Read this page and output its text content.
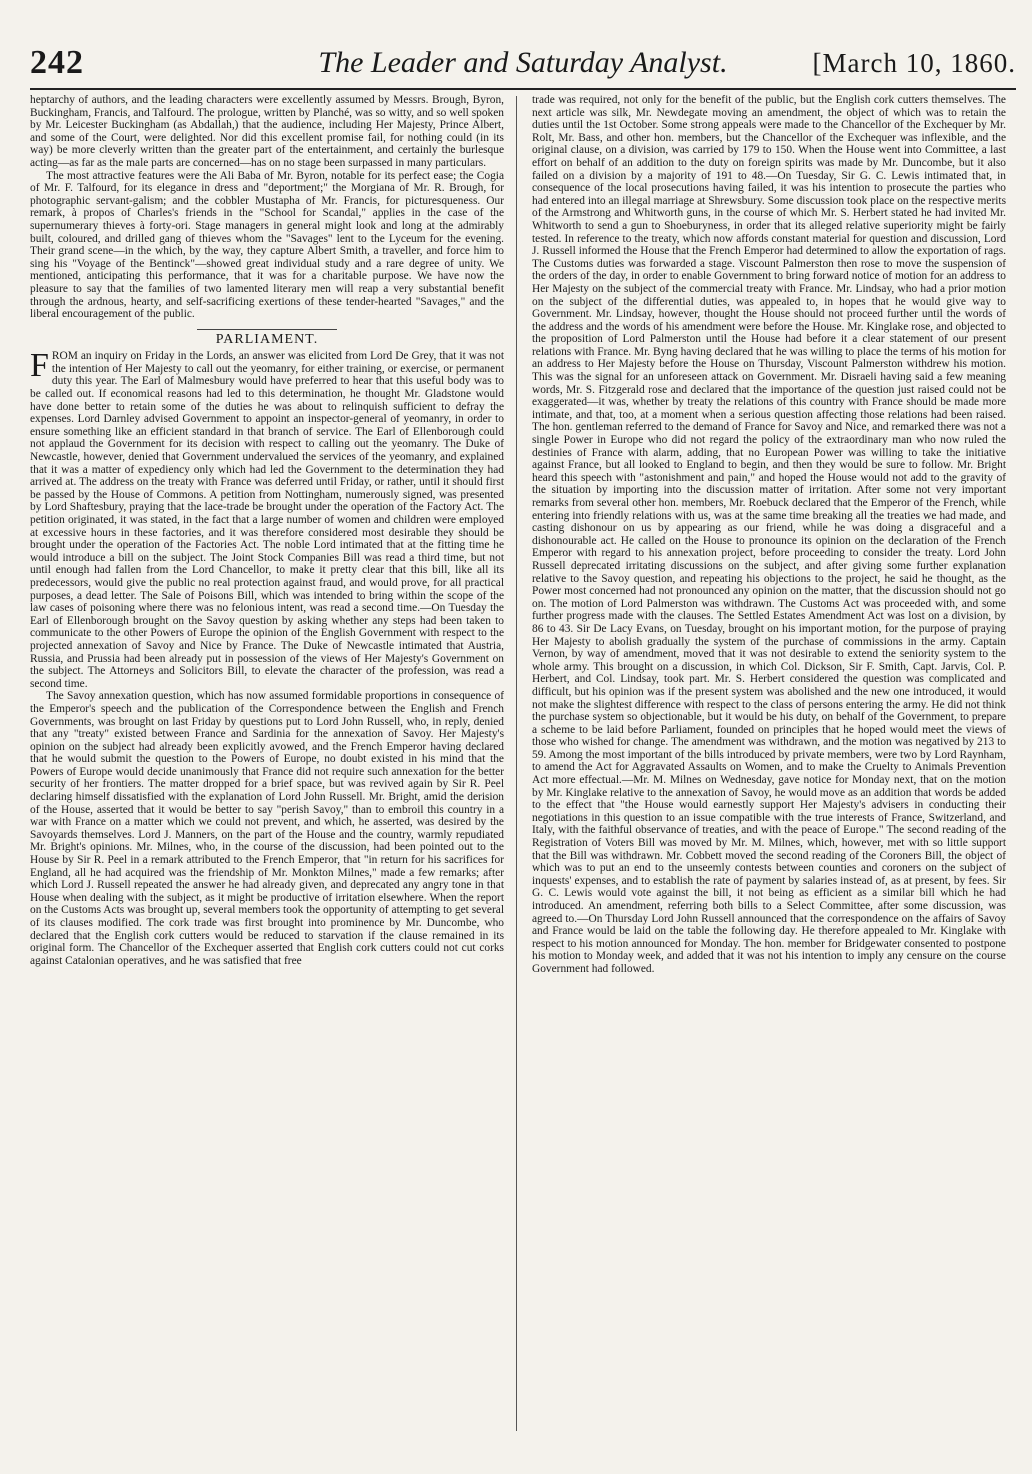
242	The Leader and Saturday Analyst.	[March 10, 1860.

heptarchy of authors, and the leading characters were excellently assumed by Messrs. Brough, Byron, Buckingham, Francis, and Talfourd. The prologue, written by Planché, was so witty, and so well spoken by Mr. Leicester Buckingham (as Abdallah,) that the audience, including Her Majesty, Prince Albert, and some of the Court, were delighted. Nor did this excellent promise fail, for nothing could (in its way) be more cleverly written than the greater part of the entertainment, and certainly the burlesque acting—as far as the male parts are concerned—has on no stage been surpassed in many particulars.

The most attractive features were the Ali Baba of Mr. Byron, notable for its perfect ease; the Cogia of Mr. F. Talfourd, for its elegance in dress and "deportment;" the Morgiana of Mr. R. Brough, for photographic servant-galism; and the cobbler Mustapha of Mr. Francis, for picturesqueness. Our remark, à propos of Charles's friends in the "School for Scandal," applies in the case of the supernumerary thieves à forty-ori. Stage managers in general might look and long at the admirably built, coloured, and drilled gang of thieves whom the "Savages" lent to the Lyceum for the evening. Their grand scene—in the which, by the way, they capture Albert Smith, a traveller, and force him to sing his "Voyage of the Bentinck"—showed great individual study and a rare degree of unity. We mentioned, anticipating this performance, that it was for a charitable purpose. We have now the pleasure to say that the families of two lamented literary men will reap a very substantial benefit through the ardnous, hearty, and self-sacrificing exertions of these tender-hearted "Savages," and the liberal encouragement of the public.

PARLIAMENT.

FROM an inquiry on Friday in the Lords, an answer was elicited from Lord De Grey, that it was not the intention of Her Majesty to call out the yeomanry, for either training, or exercise, or permanent duty this year. The Earl of Malmesbury would have preferred to hear that this useful body was to be called out. If economical reasons had led to this determination, he thought Mr. Gladstone would have done better to retain some of the duties he was about to relinquish sufficient to defray the expenses. Lord Darnley advised Government to appoint an inspector-general of yeomanry, in order to ensure something like an efficient standard in that branch of service. The Earl of Ellenborough could not applaud the Government for its decision with respect to calling out the yeomanry. The Duke of Newcastle, however, denied that Government undervalued the services of the yeomanry, and explained that it was a matter of expediency only which had led the Government to the determination they had arrived at. The address on the treaty with France was deferred until Friday, or rather, until it should first be passed by the House of Commons. A petition from Nottingham, numerously signed, was presented by Lord Shaftesbury, praying that the lace-trade be brought under the operation of the Factory Act. The petition originated, it was stated, in the fact that a large number of women and children were employed at excessive hours in these factories, and it was therefore considered most desirable they should be brought under the operation of the Factories Act. The noble Lord intimated that at the fitting time he would introduce a bill on the subject. The Joint Stock Companies Bill was read a third time, but not until enough had fallen from the Lord Chancellor, to make it pretty clear that this bill, like all its predecessors, would give the public no real protection against fraud, and would prove, for all practical purposes, a dead letter. The Sale of Poisons Bill, which was intended to bring within the scope of the law cases of poisoning where there was no felonious intent, was read a second time.—On Tuesday the Earl of Ellenborough brought on the Savoy question by asking whether any steps had been taken to communicate to the other Powers of Europe the opinion of the English Government with respect to the projected annexation of Savoy and Nice by France. The Duke of Newcastle intimated that Austria, Russia, and Prussia had been already put in possession of the views of Her Majesty's Government on the subject. The Attorneys and Solicitors Bill, to elevate the character of the profession, was read a second time.

The Savoy annexation question, which has now assumed formidable proportions in consequence of the Emperor's speech and the publication of the Correspondence between the English and French Governments, was brought on last Friday by questions put to Lord John Russell, who, in reply, denied that any "treaty" existed between France and Sardinia for the annexation of Savoy. Her Majesty's opinion on the subject had already been explicitly avowed, and the French Emperor having declared that he would submit the question to the Powers of Europe, no doubt existed in his mind that the Powers of Europe would decide unanimously that France did not require such annexation for the better security of her frontiers. The matter dropped for a brief space, but was revived again by Sir R. Peel declaring himself dissatisfied with the explanation of Lord John Russell. Mr. Bright, amid the derision of the House, asserted that it would be better to say "perish Savoy," than to embroil this country in a war with France on a matter which we could not prevent, and which, he asserted, was desired by the Savoyards themselves. Lord J. Manners, on the part of the House and the country, warmly repudiated Mr. Bright's opinions. Mr. Milnes, who, in the course of the discussion, had been pointed out to the House by Sir R. Peel in a remark attributed to the French Emperor, that "in return for his sacrifices for England, all he had acquired was the friendship of Mr. Monkton Milnes," made a few remarks; after which Lord J. Russell repeated the answer he had already given, and deprecated any angry tone in that House when dealing with the subject, as it might be productive of irritation elsewhere. When the report on the Customs Acts was brought up, several members took the opportunity of attempting to get several of its clauses modified. The cork trade was first brought into prominence by Mr. Duncombe, who declared that the English cork cutters would be reduced to starvation if the clause remained in its original form. The Chancellor of the Exchequer asserted that English cork cutters could not cut corks against Catalonian operatives, and he was satisfied that free

trade was required, not only for the benefit of the public, but the English cork cutters themselves. The next article was silk, Mr. Newdegate moving an amendment, the object of which was to retain the duties until the 1st October. Some strong appeals were made to the Chancellor of the Exchequer by Mr. Rolt, Mr. Bass, and other hon. members, but the Chancellor of the Exchequer was inflexible, and the original clause, on a division, was carried by 179 to 150. When the House went into Committee, a last effort on behalf of an addition to the duty on foreign spirits was made by Mr. Duncombe, but it also failed on a division by a majority of 191 to 48.—On Tuesday, Sir G. C. Lewis intimated that, in consequence of the local prosecutions having failed, it was his intention to prosecute the parties who had entered into an illegal marriage at Shrewsbury. Some discussion took place on the respective merits of the Armstrong and Whitworth guns, in the course of which Mr. S. Herbert stated he had invited Mr. Whitworth to send a gun to Shoeburyness, in order that its alleged relative superiority might be fairly tested. In reference to the treaty, which now affords constant material for question and discussion, Lord J. Russell informed the House that the French Emperor had determined to allow the exportation of rags. The Customs duties was forwarded a stage. Viscount Palmerston then rose to move the suspension of the orders of the day, in order to enable Government to bring forward notice of motion for an address to Her Majesty on the subject of the commercial treaty with France. Mr. Lindsay, who had a prior motion on the subject of the differential duties, was appealed to, in hopes that he would give way to Government. Mr. Lindsay, however, thought the House should not proceed further until the words of the address and the words of his amendment were before the House. Mr. Kinglake rose, and objected to the proposition of Lord Palmerston until the House had before it a clear statement of our present relations with France. Mr. Byng having declared that he was willing to place the terms of his motion for an address to Her Majesty before the House on Thursday, Viscount Palmerston withdrew his motion. This was the signal for an unforeseen attack on Government. Mr. Disraeli having said a few meaning words, Mr. S. Fitzgerald rose and declared that the importance of the question just raised could not be exaggerated—it was, whether by treaty the relations of this country with France should be made more intimate, and that, too, at a moment when a serious question affecting those relations had been raised. The hon. gentleman referred to the demand of France for Savoy and Nice, and remarked there was not a single Power in Europe who did not regard the policy of the extraordinary man who now ruled the destinies of France with alarm, adding, that no European Power was willing to take the initiative against France, but all looked to England to begin, and then they would be sure to follow. Mr. Bright heard this speech with "astonishment and pain," and hoped the House would not add to the gravity of the situation by importing into the discussion matter of irritation. After some not very important remarks from several other hon. members, Mr. Roebuck declared that the Emperor of the French, while entering into friendly relations with us, was at the same time breaking all the treaties we had made, and casting dishonour on us by appearing as our friend, while he was doing a disgraceful and a dishonourable act. He called on the House to pronounce its opinion on the declaration of the French Emperor with regard to his annexation project, before proceeding to consider the treaty. Lord John Russell deprecated irritating discussions on the subject, and after giving some further explanation relative to the Savoy question, and repeating his objections to the project, he said he thought, as the Power most concerned had not pronounced any opinion on the matter, that the discussion should not go on. The motion of Lord Palmerston was withdrawn. The Customs Act was proceeded with, and some further progress made with the clauses. The Settled Estates Amendment Act was lost on a division, by 86 to 43. Sir De Lacy Evans, on Tuesday, brought on his important motion, for the purpose of praying Her Majesty to abolish gradually the system of the purchase of commissions in the army. Captain Vernon, by way of amendment, moved that it was not desirable to extend the seniority system to the whole army. This brought on a discussion, in which Col. Dickson, Sir F. Smith, Capt. Jarvis, Col. P. Herbert, and Col. Lindsay, took part. Mr. S. Herbert considered the question was complicated and difficult, but his opinion was if the present system was abolished and the new one introduced, it would not make the slightest difference with respect to the class of persons entering the army. He did not think the purchase system so objectionable, but it would be his duty, on behalf of the Government, to prepare a scheme to be laid before Parliament, founded on principles that he hoped would meet the views of those who wished for change. The amendment was withdrawn, and the motion was negatived by 213 to 59. Among the most important of the bills introduced by private members, were two by Lord Raynham, to amend the Act for Aggravated Assaults on Women, and to make the Cruelty to Animals Prevention Act more effectual.—Mr. M. Milnes on Wednesday, gave notice for Monday next, that on the motion by Mr. Kinglake relative to the annexation of Savoy, he would move as an addition that words be added to the effect that "the House would earnestly support Her Majesty's advisers in conducting their negotiations in this question to an issue compatible with the true interests of France, Switzerland, and Italy, with the faithful observance of treaties, and with the peace of Europe." The second reading of the Registration of Voters Bill was moved by Mr. M. Milnes, which, however, met with so little support that the Bill was withdrawn. Mr. Cobbett moved the second reading of the Coroners Bill, the object of which was to put an end to the unseemly contests between counties and coroners on the subject of inquests' expenses, and to establish the rate of payment by salaries instead of, as at present, by fees. Sir G. C. Lewis would vote against the bill, it not being as efficient as a similar bill which he had introduced. An amendment, referring both bills to a Select Committee, after some discussion, was agreed to.—On Thursday Lord John Russell announced that the correspondence on the affairs of Savoy and France would be laid on the table the following day. He therefore appealed to Mr. Kinglake with respect to his motion announced for Monday. The hon. member for Bridgewater consented to postpone his motion to Monday week, and added that it was not his intention to imply any censure on the course Government had followed.
